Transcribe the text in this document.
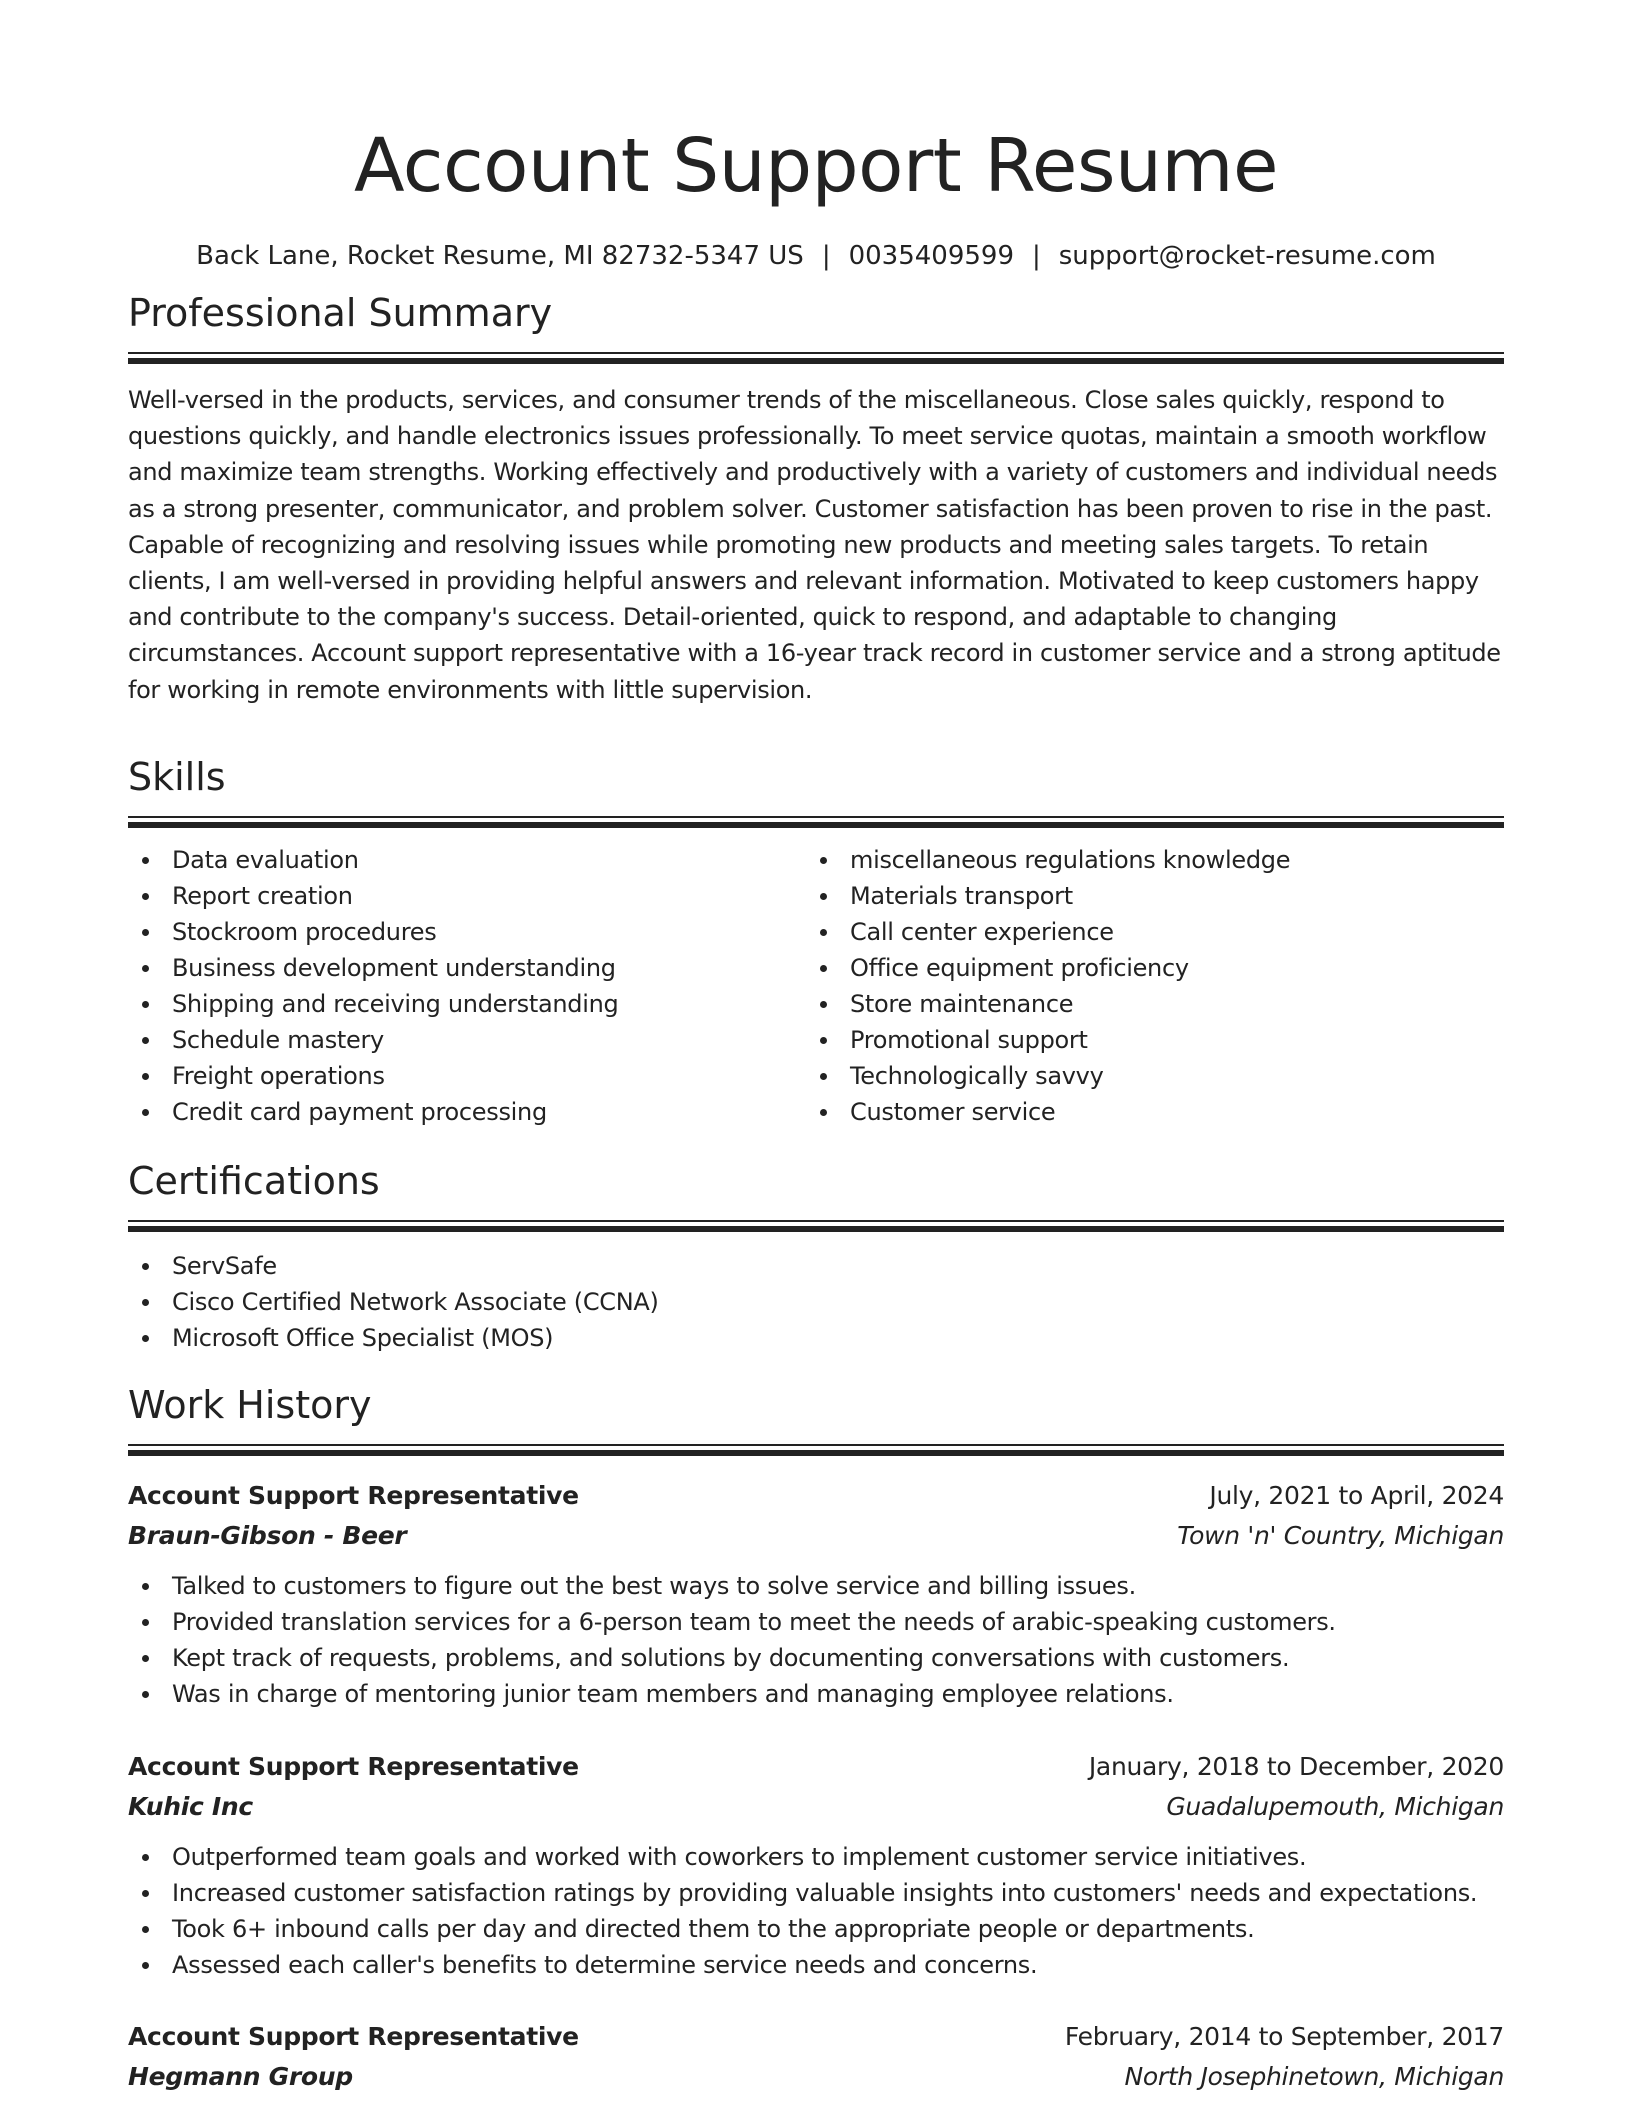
Account Support Resume
Back Lane, Rocket Resume, MI 82732-5347 US | 0035409599 | support@rocket-resume.com
Professional Summary

Well-versed in the products, services, and consumer trends of the miscellaneous. Close sales quickly, respond to questions quickly, and handle electronics issues professionally. To meet service quotas, maintain a smooth workflow and maximize team strengths. Working effectively and productively with a variety of customers and individual needs as a strong presenter, communicator, and problem solver. Customer satisfaction has been proven to rise in the past. Capable of recognizing and resolving issues while promoting new products and meeting sales targets. To retain clients, I am well-versed in providing helpful answers and relevant information. Motivated to keep customers happy and contribute to the company's success. Detail-oriented, quick to respond, and adaptable to changing circumstances. Account support representative with a 16-year track record in customer service and a strong aptitude for working in remote environments with little supervision.

Skills
Data evaluation
Report creation
Stockroom procedures
Business development understanding
Shipping and receiving understanding
Schedule mastery
Freight operations
Credit card payment processing
miscellaneous regulations knowledge
Materials transport
Call center experience
Office equipment proficiency
Store maintenance
Promotional support
Technologically savvy
Customer service
Certifications
ServSafe
Cisco Certified Network Associate (CCNA)
Microsoft Office Specialist (MOS)
Work History
Account Support Representative	July, 2021 to April, 2024
Braun-Gibson - Beer	Town 'n' Country, Michigan
Talked to customers to figure out the best ways to solve service and billing issues.
Provided translation services for a 6-person team to meet the needs of arabic-speaking customers.
Kept track of requests, problems, and solutions by documenting conversations with customers.
Was in charge of mentoring junior team members and managing employee relations.
Account Support Representative	January, 2018 to December, 2020
Kuhic Inc	Guadalupemouth, Michigan
Outperformed team goals and worked with coworkers to implement customer service initiatives.
Increased customer satisfaction ratings by providing valuable insights into customers' needs and expectations.
Took 6+ inbound calls per day and directed them to the appropriate people or departments.
Assessed each caller's benefits to determine service needs and concerns.
Account Support Representative	February, 2014 to September, 2017
Hegmann Group	North Josephinetown, Michigan
